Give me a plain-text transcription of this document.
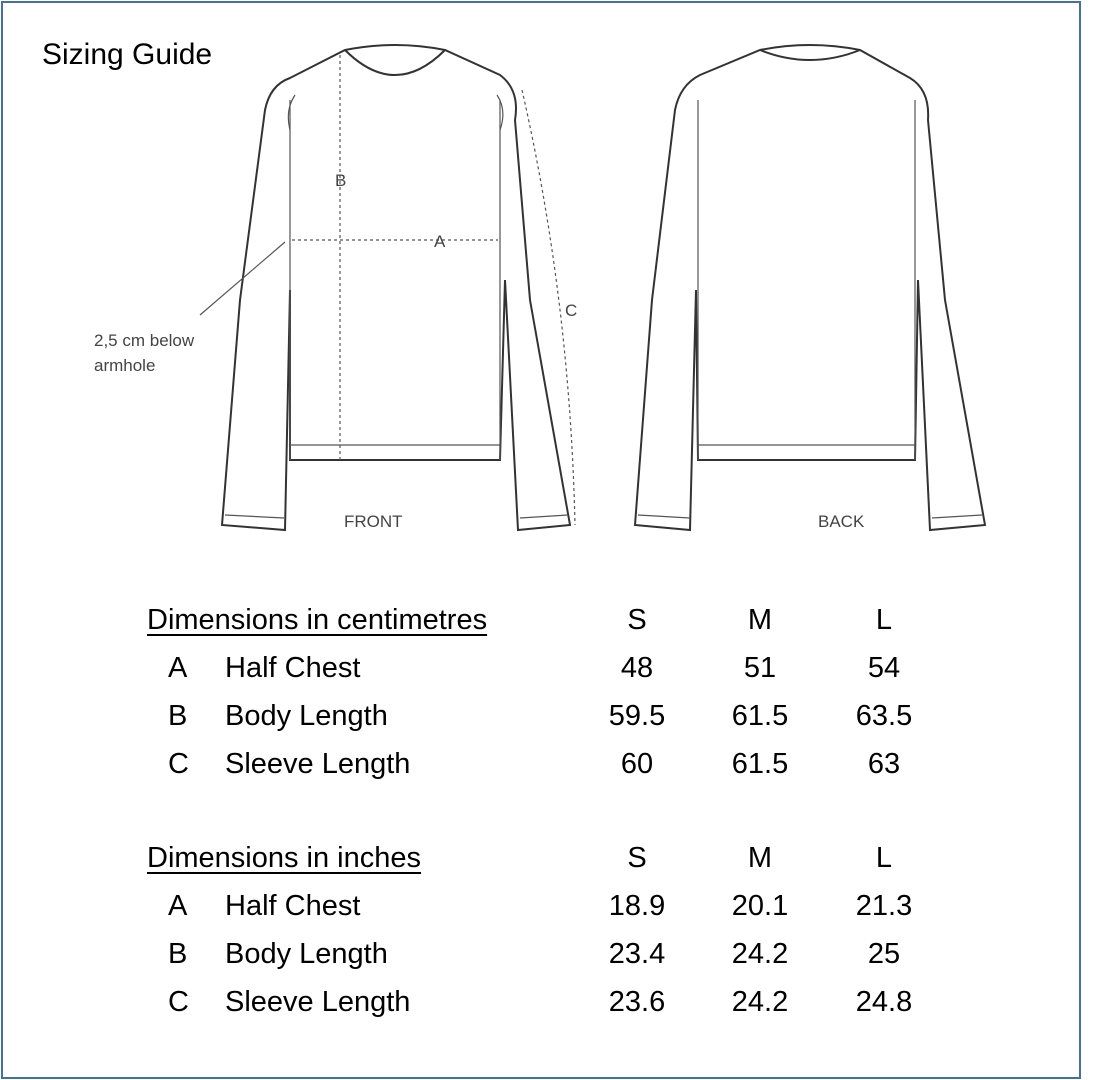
Sizing Guide
B
A
C
2,5 cm below
armhole
FRONT	BACK
Dimensions in centimetres	S	M	L
A Half Chest	48	51	54
B Body Length	59.5 61.5 63.5
C Sleeve Length	60	61.5	63
Dimensions in inches	S	M	L
A Half Chest	18.9 20.1 21.3
B Body Length	23.4 24.2	25
C Sleeve Length	23.6 24.2 24.8
